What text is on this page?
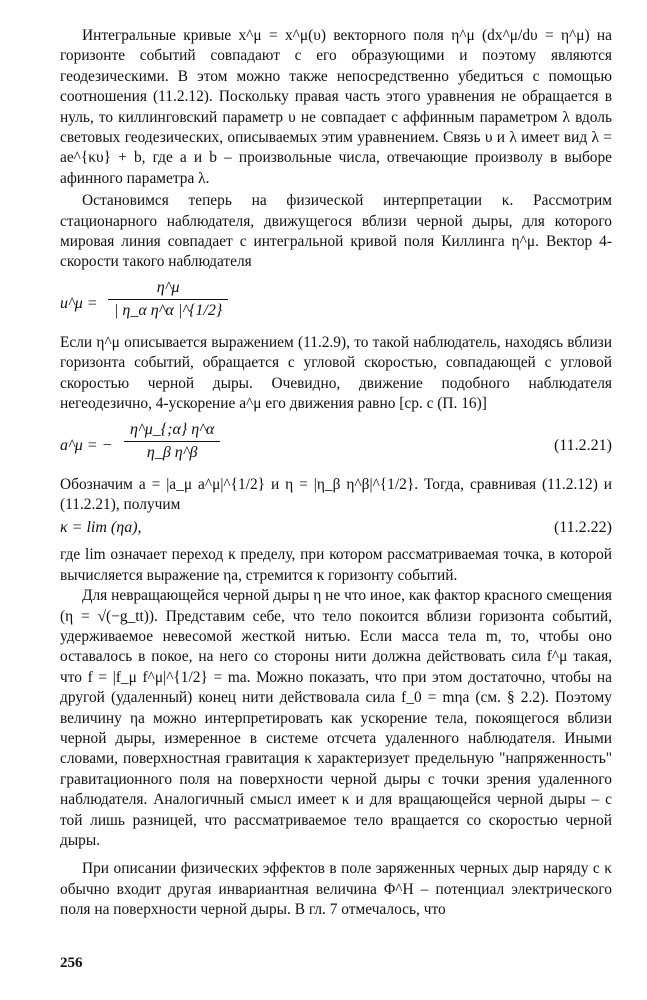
Интегральные кривые x^μ = x^μ(υ) векторного поля η^μ (dx^μ/dυ = η^μ) на горизонте событий совпадают с его образующими и поэтому являются геодезическими. В этом можно также непосредственно убедиться с помощью соотношения (11.2.12). Поскольку правая часть этого уравнения не обращается в нуль, то киллинговский параметр υ не совпадает с аффинным параметром λ вдоль световых геодезических, описываемых этим уравнением. Связь υ и λ имеет вид λ = ae^{κυ} + b, где a и b – произвольные числа, отвечающие произволу в выборе афинного параметра λ.

Остановимся теперь на физической интерпретации κ. Рассмотрим стационарного наблюдателя, движущегося вблизи черной дыры, для которого мировая линия совпадает с интегральной кривой поля Киллинга η^μ. Вектор 4-скорости такого наблюдателя

u^μ = $\frac{\eta\^{}\mu}{\text{| η\_α η\textasciicircum{}α |\textasciicircum{}\{1/2\}}}$

Если η^μ описывается выражением (11.2.9), то такой наблюдатель, находясь вблизи горизонта событий, обращается с угловой скоростью, совпадающей с угловой скоростью черной дыры. Очевидно, движение подобного наблюдателя негеодезично, 4-ускорение a^μ его движения равно [ср. с (П. 16)]

a^μ = − $\frac{\eta\^{}\mu\_\{;\alpha\} \eta\^{}\alpha}{\text{η\_β η\textasciicircum{}β}}$	(11.2.21)

Обозначим a = |a_μ a^μ|^{1/2} и η = |η_β η^β|^{1/2}. Тогда, сравнивая (11.2.12) и (11.2.21), получим

κ = lim (ηa),	(11.2.22)

где lim означает переход к пределу, при котором рассматриваемая точка, в которой вычисляется выражение ηa, стремится к горизонту событий.

Для невращающейся черной дыры η не что иное, как фактор красного смещения (η = √(−g_tt)). Представим себе, что тело покоится вблизи горизонта событий, удерживаемое невесомой жесткой нитью. Если масса тела m, то, чтобы оно оставалось в покое, на него со стороны нити должна действовать сила f^μ такая, что f = |f_μ f^μ|^{1/2} = ma. Можно показать, что при этом достаточно, чтобы на другой (удаленный) конец нити действовала сила f_0 = mηa (см. § 2.2). Поэтому величину ηa можно интерпретировать как ускорение тела, покоящегося вблизи черной дыры, измеренное в системе отсчета удаленного наблюдателя. Иными словами, поверхностная гравитация κ характеризует предельную "напряженность" гравитационного поля на поверхности черной дыры с точки зрения удаленного наблюдателя. Аналогичный смысл имеет κ и для вращающейся черной дыры – с той лишь разницей, что рассматриваемое тело вращается со скоростью черной дыры.

При описании физических эффектов в поле заряженных черных дыр наряду с κ обычно входит другая инвариантная величина Φ^H – потенциал электрического поля на поверхности черной дыры. В гл. 7 отмечалось, что

256
